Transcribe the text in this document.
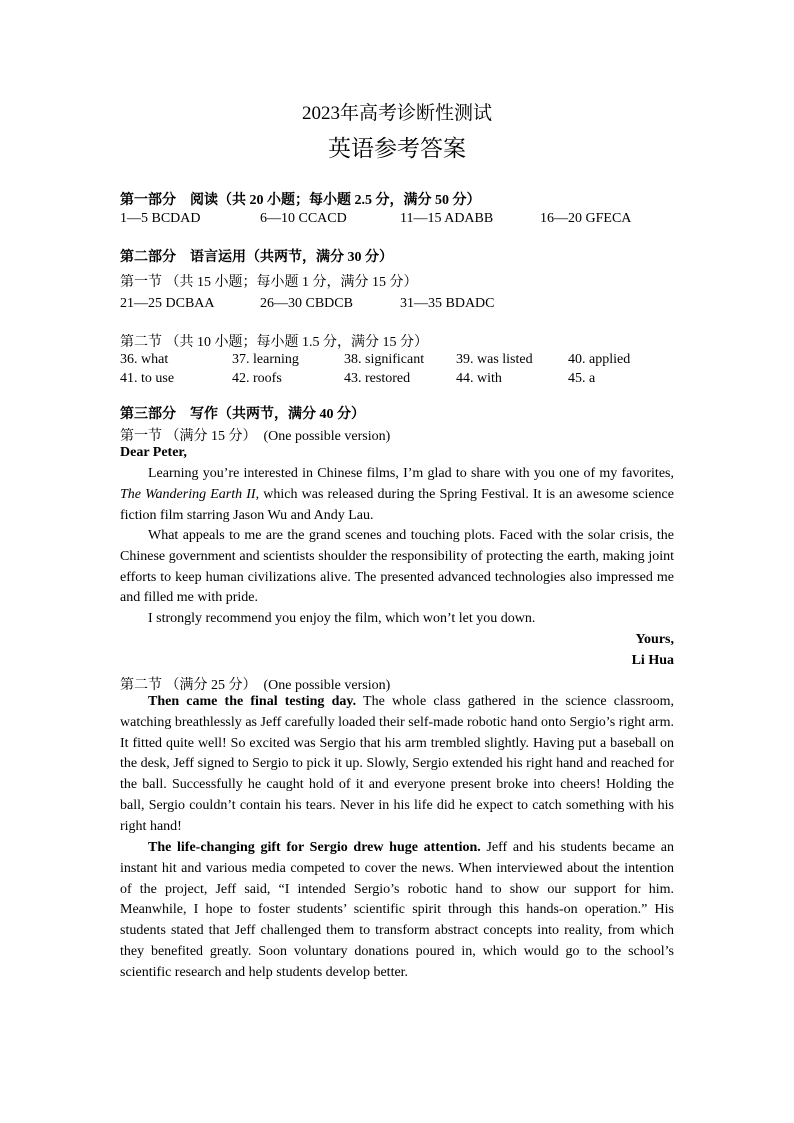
2023年高考诊断性测试
英语参考答案
第一部分　阅读（共 20 小题；每小题 2.5 分，满分 50 分）
1—5 BCDAD	6—10 CCACD	11—15 ADABB	16—20 GFECA
第二部分　语言运用（共两节，满分 30 分）
第一节 （共 15 小题；每小题 1 分，满分 15 分）
21—25 DCBAA	26—30 CBDCB	31—35 BDADC
第二节 （共 10 小题；每小题 1.5 分，满分 15 分）
36. what	37. learning	38. significant 39. was listed	40. applied
41. to use	42. roofs	43. restored	44. with	45. a
第三部分　写作（共两节，满分 40 分）
第一节 （满分 15 分） (One possible version)
Dear Peter,
Learning you’re interested in Chinese films, I’m glad to share with you one of my favorites, The Wandering Earth II, which was released during the Spring Festival. It is an awesome science fiction film starring Jason Wu and Andy Lau.
What appeals to me are the grand scenes and touching plots. Faced with the solar crisis, the Chinese government and scientists shoulder the responsibility of protecting the earth, making joint efforts to keep human civilizations alive. The presented advanced technologies also impressed me and filled me with pride.
I strongly recommend you enjoy the film, which won’t let you down.
Yours,
Li Hua
第二节 （满分 25 分） (One possible version)
Then came the final testing day. The whole class gathered in the science classroom, watching breathlessly as Jeff carefully loaded their self-made robotic hand onto Sergio’s right arm. It fitted quite well! So excited was Sergio that his arm trembled slightly. Having put a baseball on the desk, Jeff signed to Sergio to pick it up. Slowly, Sergio extended his right hand and reached for the ball. Successfully he caught hold of it and everyone present broke into cheers! Holding the ball, Sergio couldn’t contain his tears. Never in his life did he expect to catch something with his right hand!
The life-changing gift for Sergio drew huge attention. Jeff and his students became an instant hit and various media competed to cover the news. When interviewed about the intention of the project, Jeff said, “I intended Sergio’s robotic hand to show our support for him. Meanwhile, I hope to foster students’ scientific spirit through this hands-on operation.” His students stated that Jeff challenged them to transform abstract concepts into reality, from which they benefited greatly. Soon voluntary donations poured in, which would go to the school’s scientific research and help students develop better.
